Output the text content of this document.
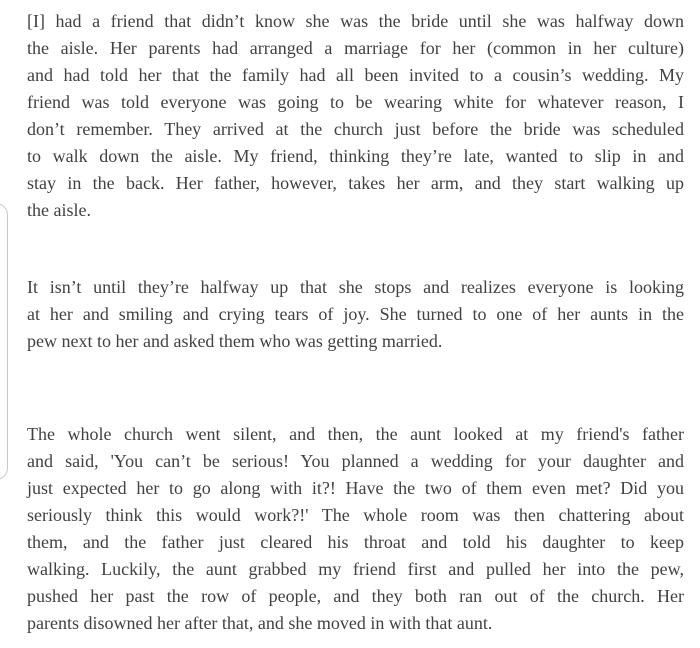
[I] had a friend that didn’t know she was the bride until she was halfway down
the aisle. Her parents had arranged a marriage for her (common in her culture)
and had told her that the family had all been invited to a cousin’s wedding. My
friend was told everyone was going to be wearing white for whatever reason, I
don’t remember. They arrived at the church just before the bride was scheduled
to walk down the aisle. My friend, thinking they’re late, wanted to slip in and
stay in the back. Her father, however, takes her arm, and they start walking up
the aisle.
It isn’t until they’re halfway up that she stops and realizes everyone is looking
at her and smiling and crying tears of joy. She turned to one of her aunts in the
pew next to her and asked them who was getting married.
The whole church went silent, and then, the aunt looked at my friend's father
and said, 'You can’t be serious! You planned a wedding for your daughter and
just expected her to go along with it?! Have the two of them even met? Did you
seriously think this would work?!' The whole room was then chattering about
them, and the father just cleared his throat and told his daughter to keep
walking. Luckily, the aunt grabbed my friend first and pulled her into the pew,
pushed her past the row of people, and they both ran out of the church. Her
parents disowned her after that, and she moved in with that aunt.
